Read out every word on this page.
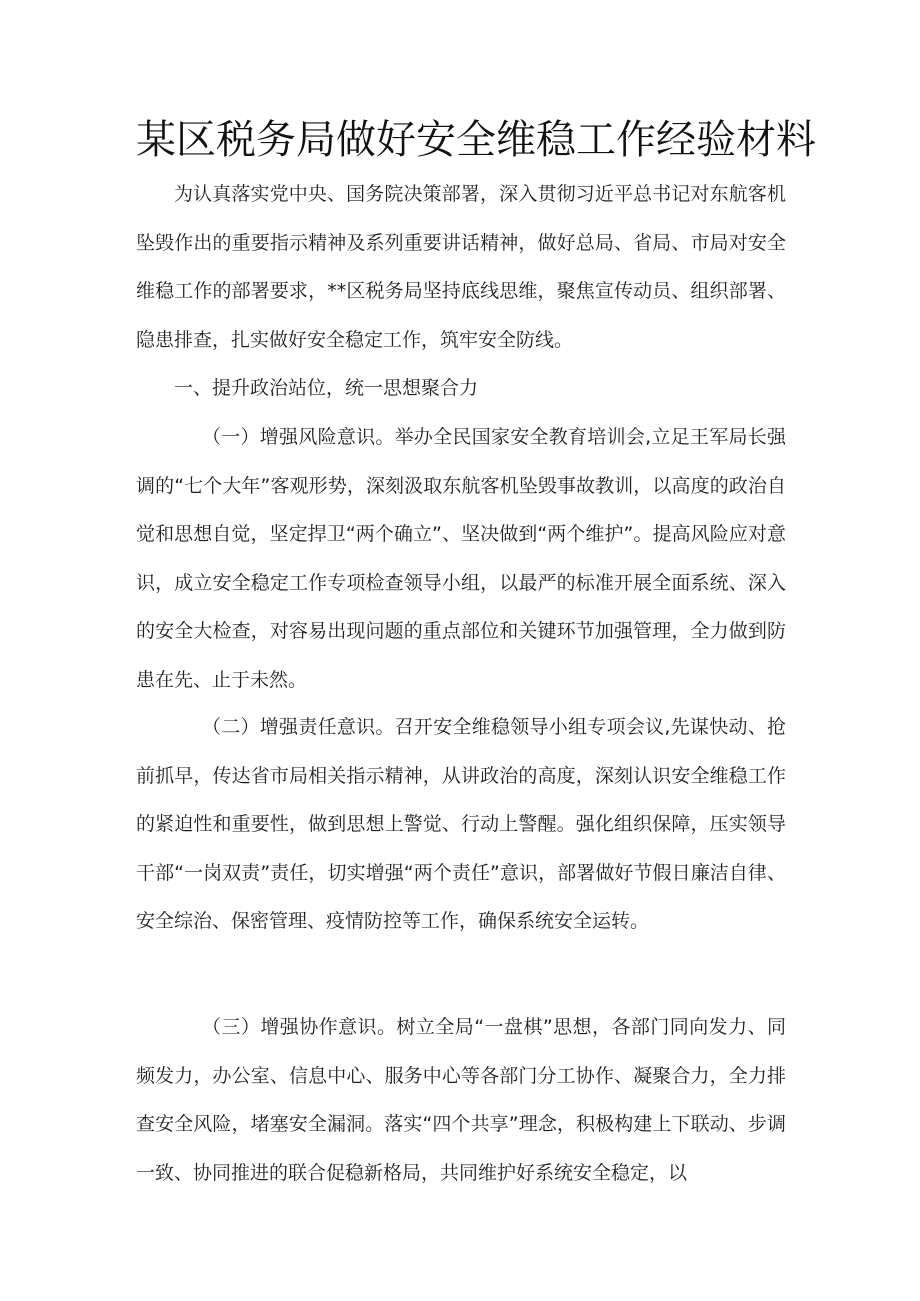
某区税务局做好安全维稳工作经验材料

为认真落实党中央、国务院决策部署，深入贯彻习近平总书记对东航客机坠毁作出的重要指示精神及系列重要讲话精神，做好总局、省局、市局对安全维稳工作的部署要求，**区税务局坚持底线思维，聚焦宣传动员、组织部署、隐患排查，扎实做好安全稳定工作，筑牢安全防线。

一、提升政治站位，统一思想聚合力

（一）增强风险意识。举办全民国家安全教育培训会,立足王军局长强调的“七个大年”客观形势，深刻汲取东航客机坠毁事故教训，以高度的政治自觉和思想自觉，坚定捍卫“两个确立”、坚决做到“两个维护”。提高风险应对意识，成立安全稳定工作专项检查领导小组，以最严的标准开展全面系统、深入的安全大检查，对容易出现问题的重点部位和关键环节加强管理，全力做到防患在先、止于未然。

（二）增强责任意识。召开安全维稳领导小组专项会议,先谋快动、抢前抓早，传达省市局相关指示精神，从讲政治的高度，深刻认识安全维稳工作的紧迫性和重要性，做到思想上警觉、行动上警醒。强化组织保障，压实领导干部“一岗双责”责任，切实增强“两个责任”意识，部署做好节假日廉洁自律、安全综治、保密管理、疫情防控等工作，确保系统安全运转。

（三）增强协作意识。树立全局“一盘棋”思想，各部门同向发力、同频发力，办公室、信息中心、服务中心等各部门分工协作、凝聚合力，全力排查安全风险，堵塞安全漏洞。落实“四个共享”理念，积极构建上下联动、步调一致、协同推进的联合促稳新格局，共同维护好系统安全稳定，以
